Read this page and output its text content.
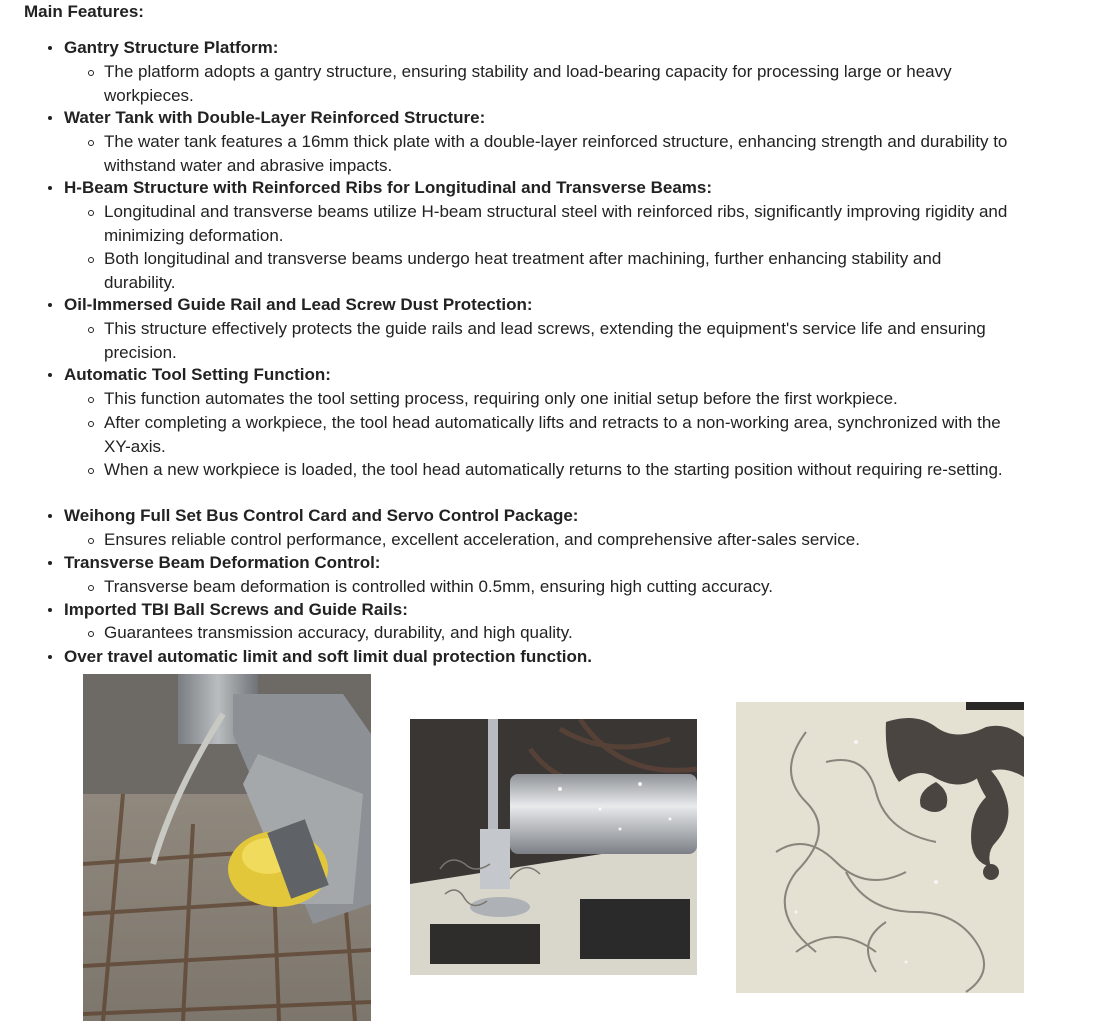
Main Features:
Gantry Structure Platform:
The platform adopts a gantry structure, ensuring stability and load-bearing capacity for processing large or heavy workpieces.
Water Tank with Double-Layer Reinforced Structure:
The water tank features a 16mm thick plate with a double-layer reinforced structure, enhancing strength and durability to withstand water and abrasive impacts.
H-Beam Structure with Reinforced Ribs for Longitudinal and Transverse Beams:
Longitudinal and transverse beams utilize H-beam structural steel with reinforced ribs, significantly improving rigidity and minimizing deformation.
Both longitudinal and transverse beams undergo heat treatment after machining, further enhancing stability and durability.
Oil-Immersed Guide Rail and Lead Screw Dust Protection:
This structure effectively protects the guide rails and lead screws, extending the equipment's service life and ensuring precision.
Automatic Tool Setting Function:
This function automates the tool setting process, requiring only one initial setup before the first workpiece.
After completing a workpiece, the tool head automatically lifts and retracts to a non-working area, synchronized with the XY-axis.
When a new workpiece is loaded, the tool head automatically returns to the starting position without requiring re-setting.
Weihong Full Set Bus Control Card and Servo Control Package:
Ensures reliable control performance, excellent acceleration, and comprehensive after-sales service.
Transverse Beam Deformation Control:
Transverse beam deformation is controlled within 0.5mm, ensuring high cutting accuracy.
Imported TBI Ball Screws and Guide Rails:
Guarantees transmission accuracy, durability, and high quality.
Over travel automatic limit and soft limit dual protection function.
